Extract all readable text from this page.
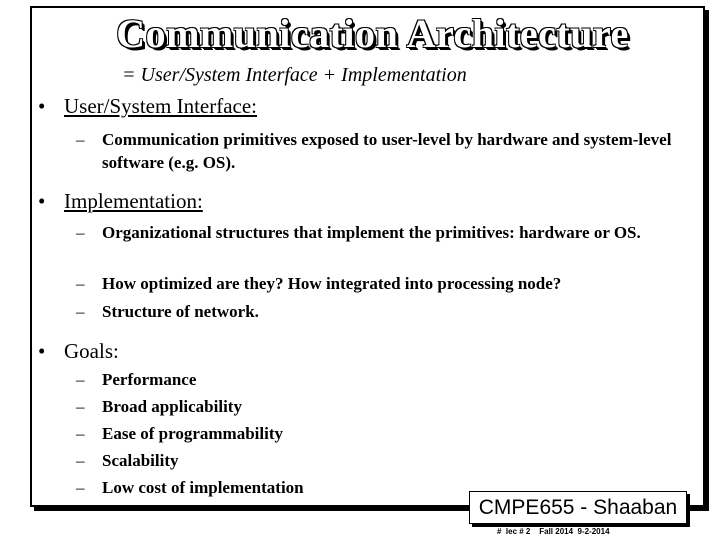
Communication Architecture
= User/System Interface + Implementation
• User/System Interface:
– Communication primitives exposed to user-level by hardware and system-level software (e.g. OS).
• Implementation:
– Organizational structures that implement the primitives: hardware or OS.
– How optimized are they? How integrated into processing node?
– Structure of network.
• Goals:
– Performance
– Broad applicability
– Ease of programmability
– Scalability
– Low cost of implementation
CMPE655 - Shaaban
#  lec # 2    Fall 2014  9-2-2014
